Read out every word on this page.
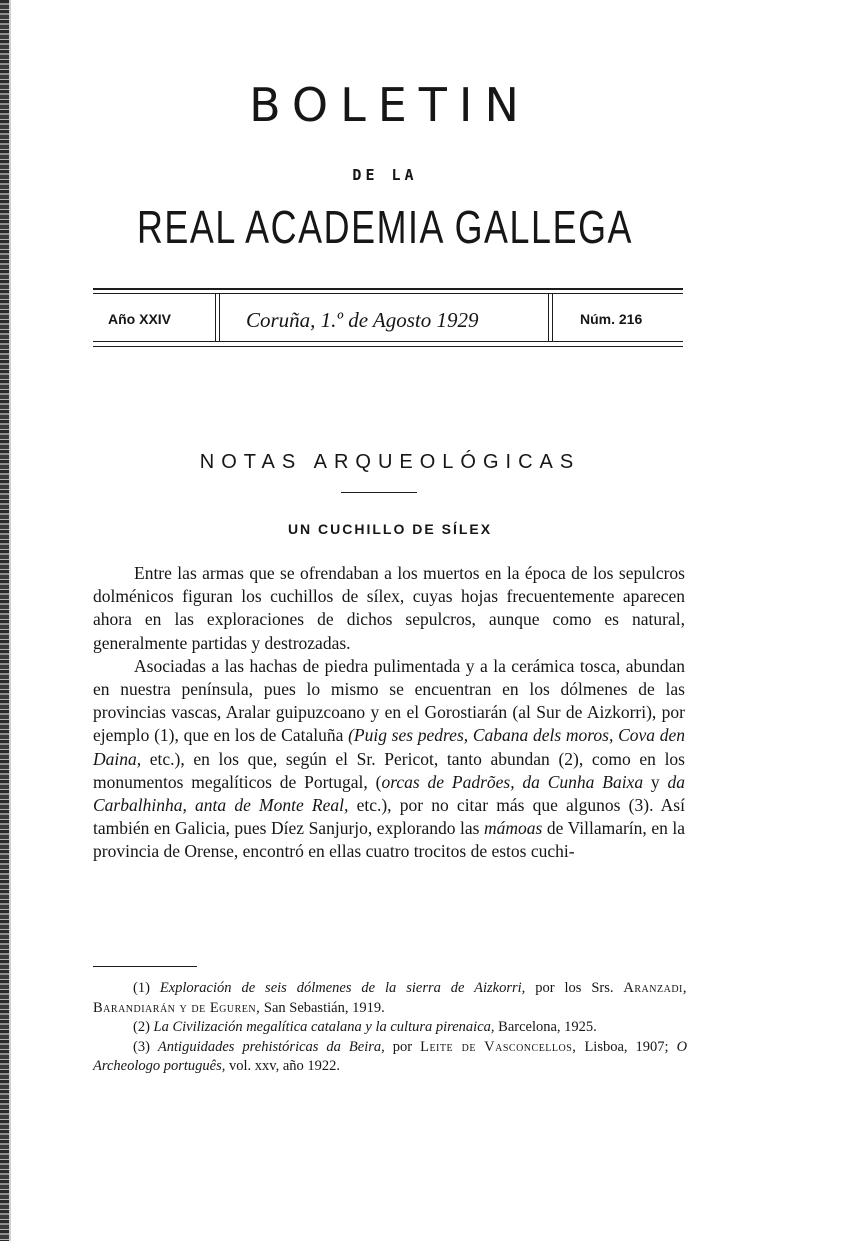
BOLETIN
DE LA
REAL ACADEMIA GALLEGA
Año XXIV	Coruña, 1.º de Agosto 1929	Núm. 216
NOTAS ARQUEOLÓGICAS
UN CUCHILLO DE SÍLEX

Entre las armas que se ofrendaban a los muertos en la época de los sepulcros dolménicos figuran los cuchillos de sílex, cuyas hojas frecuentemente aparecen ahora en las exploraciones de dichos sepulcros, aunque como es natural, generalmente partidas y destrozadas.

Asociadas a las hachas de piedra pulimentada y a la cerámica tosca, abundan en nuestra península, pues lo mismo se encuentran en los dólmenes de las provincias vascas, Aralar guipuzcoano y en el Gorostiarán (al Sur de Aizkorri), por ejemplo (1), que en los de Cataluña (Puig ses pedres, Cabana dels moros, Cova den Daina, etc.), en los que, según el Sr. Pericot, tanto abundan (2), como en los monumentos megalíticos de Portugal, (orcas de Padrões, da Cunha Baixa y da Carbalhinha, anta de Monte Real, etc.), por no citar más que algunos (3). Así también en Galicia, pues Díez Sanjurjo, explorando las mámoas de Villamarín, en la provincia de Orense, encontró en ellas cuatro trocitos de estos cuchi-

(1) Exploración de seis dólmenes de la sierra de Aizkorri, por los Srs. Aranzadi, Barandiarán y de Eguren, San Sebastián, 1919.

(2) La Civilización megalítica catalana y la cultura pirenaica, Barcelona, 1925.

(3) Antiguidades prehistóricas da Beira, por Leite de Vasconcellos, Lisboa, 1907; O Archeologo português, vol. xxv, año 1922.
